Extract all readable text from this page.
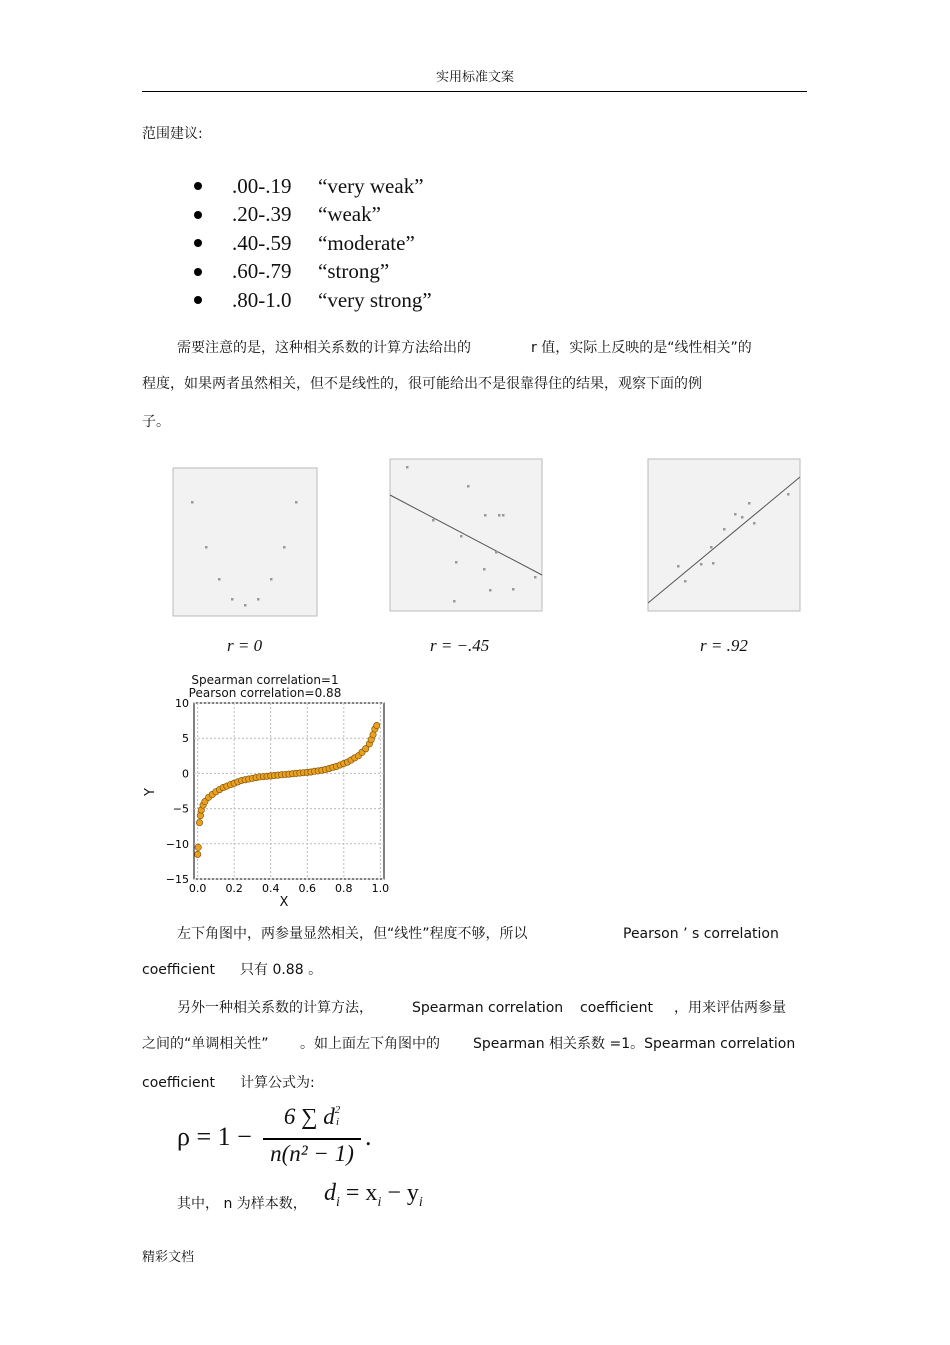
实用标准文案
范围建议:
.00-.19	“very weak”
.20-.39	“weak”
.40-.59	“moderate”
.60-.79	“strong”
.80-1.0	“very strong”
需要注意的是，这种相关系数的计算方法给出的	r 值，实际上反映的是“线性相关”的
程度，如果两者虽然相关，但不是线性的，很可能给出不是很靠得住的结果，观察下面的例
子。
r = 0	r = −.45	r = .92
Spearman correlation=1
Pearson correlation=0.88
0.0 0.2 0.4 0.6 0.8 1.0
10
5
0
−5
−10
−15
X
Y
左下角图中，两参量显然相关，但“线性”程度不够，所以	Pearson ’ s correlation
coefficient 只有 0.88 。
另外一种相关系数的计算方法，	Spearman correlation coefficient ，用来评估两参量
之间的“单调相关性” 。如上面左下角图中的 Spearman 相关系数 =1。Spearman correlation
coefficient 计算公式为:
ρ = 1 −
6 ∑ d 2
i
n(n² − 1)
.
其中， n 为样本数， $d_i = x_i - y_i$
精彩文档
